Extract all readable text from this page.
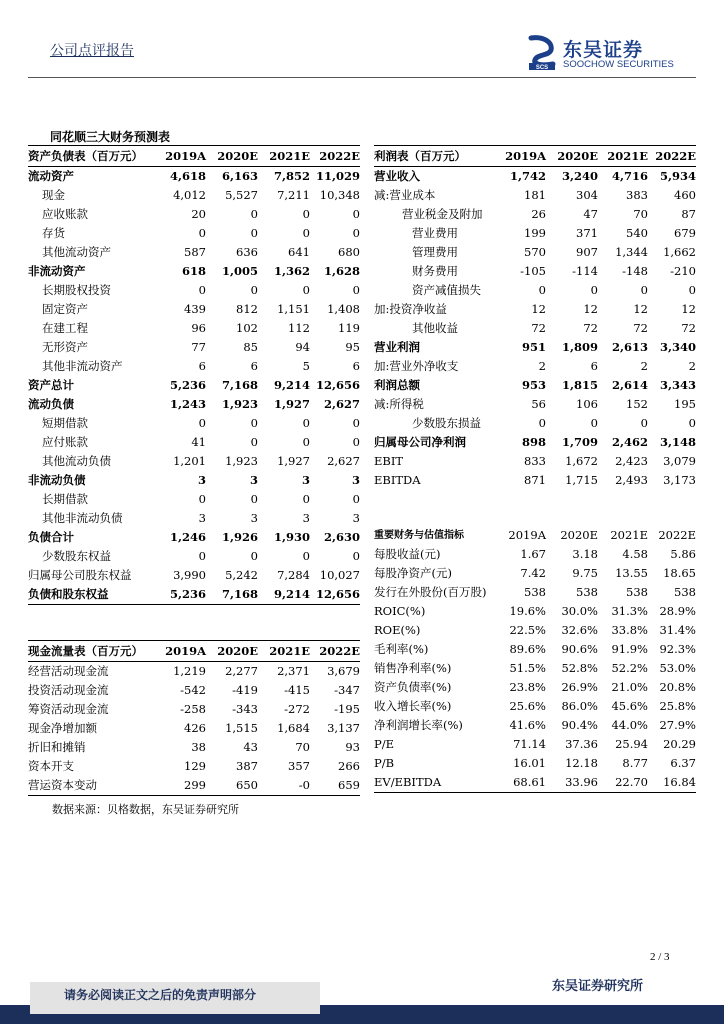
公司点评报告
SCS
东吴证券
SOOCHOW SECURITIES
同花顺三大财务预测表
资产负债表（百万元）	2019A	2020E	2021E	2022E
流动资产	4,618	6,163	7,852	11,029
现金	4,012	5,527	7,211	10,348
应收账款	20	0	0	0
存货	0	0	0	0
其他流动资产	587	636	641	680
非流动资产	618	1,005	1,362	1,628
长期股权投资	0	0	0	0
固定资产	439	812	1,151	1,408
在建工程	96	102	112	119
无形资产	77	85	94	95
其他非流动资产	6	6	5	6
资产总计	5,236	7,168	9,214	12,656
流动负债	1,243	1,923	1,927	2,627
短期借款	0	0	0	0
应付账款	41	0	0	0
其他流动负债	1,201	1,923	1,927	2,627
非流动负债	3	3	3	3
长期借款	0	0	0	0
其他非流动负债	3	3	3	3
负债合计	1,246	1,926	1,930	2,630
少数股东权益	0	0	0	0
归属母公司股东权益	3,990	5,242	7,284	10,027
负债和股东权益	5,236	7,168	9,214	12,656
利润表（百万元）	2019A	2020E	2021E	2022E
营业收入	1,742	3,240	4,716	5,934
减:营业成本	181	304	383	460
营业税金及附加	26	47	70	87
营业费用	199	371	540	679
管理费用	570	907	1,344	1,662
财务费用	-105	-114	-148	-210
资产减值损失	0	0	0	0
加:投资净收益	12	12	12	12
其他收益	72	72	72	72
营业利润	951	1,809	2,613	3,340
加:营业外净收支	2	6	2	2
利润总额	953	1,815	2,614	3,343
减:所得税	56	106	152	195
少数股东损益	0	0	0	0
归属母公司净利润	898	1,709	2,462	3,148
EBIT	833	1,672	2,423	3,079
EBITDA	871	1,715	2,493	3,173
重要财务与估值指标	2019A	2020E	2021E	2022E
每股收益(元)	1.67	3.18	4.58	5.86
每股净资产(元)	7.42	9.75	13.55	18.65
发行在外股份(百万股)	538	538	538	538
ROIC(%)	19.6%	30.0%	31.3%	28.9%
ROE(%)	22.5%	32.6%	33.8%	31.4%
毛利率(%)	89.6%	90.6%	91.9%	92.3%
销售净利率(%)	51.5%	52.8%	52.2%	53.0%
资产负债率(%)	23.8%	26.9%	21.0%	20.8%
收入增长率(%)	25.6%	86.0%	45.6%	25.8%
净利润增长率(%)	41.6%	90.4%	44.0%	27.9%
P/E	71.14	37.36	25.94	20.29
P/B	16.01	12.18	8.77	6.37
EV/EBITDA	68.61	33.96	22.70	16.84
现金流量表（百万元）	2019A	2020E	2021E	2022E
经营活动现金流	1,219	2,277	2,371	3,679
投资活动现金流	-542	-419	-415	-347
筹资活动现金流	-258	-343	-272	-195
现金净增加额	426	1,515	1,684	3,137
折旧和摊销	38	43	70	93
资本开支	129	387	357	266
营运资本变动	299	650	-0	659
数据来源：贝格数据，东吴证券研究所
2 / 3
请务必阅读正文之后的免责声明部分
东吴证券研究所
